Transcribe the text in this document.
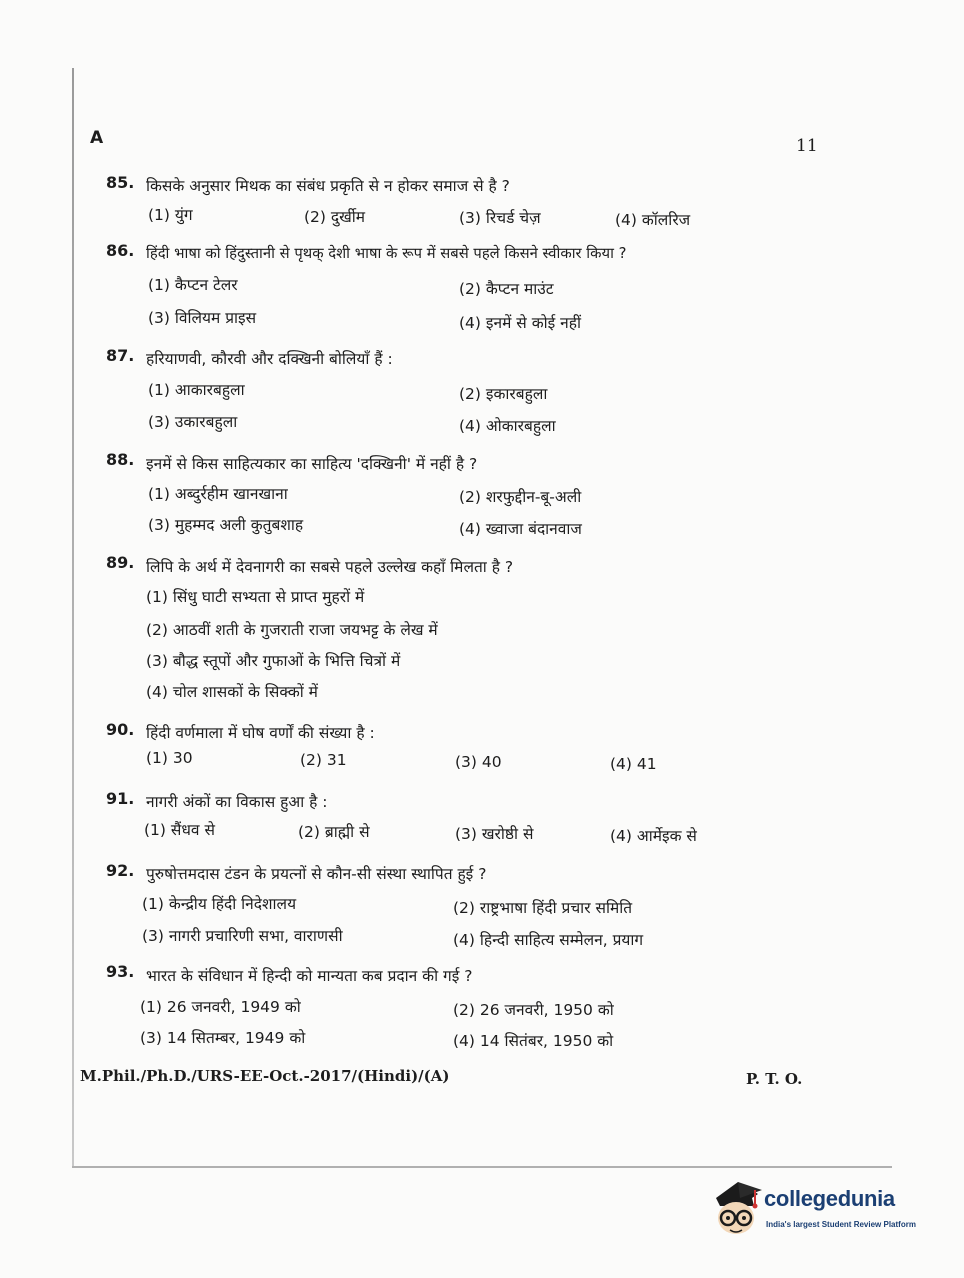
A	11
85. किसके अनुसार मिथक का संबंध प्रकृति से न होकर समाज से है ?
(1) युंग	(2) दुर्खीम	(3) रिचर्ड चेज़	(4) कॉलरिज
86. हिंदी भाषा को हिंदुस्तानी से पृथक् देशी भाषा के रूप में सबसे पहले किसने स्वीकार किया ?
(1) कैप्टन टेलर	(2) कैप्टन माउंट
(3) विलियम प्राइस	(4) इनमें से कोई नहीं
87. हरियाणवी, कौरवी और दक्खिनी बोलियाँ हैं :
(1) आकारबहुला	(2) इकारबहुला
(3) उकारबहुला	(4) ओकारबहुला
88. इनमें से किस साहित्यकार का साहित्य 'दक्खिनी' में नहीं है ?
(1) अब्दुर्रहीम खानखाना	(2) शरफुद्दीन-बू-अली
(3) मुहम्मद अली कुतुबशाह	(4) ख्वाजा बंदानवाज
89. लिपि के अर्थ में देवनागरी का सबसे पहले उल्लेख कहाँ मिलता है ?
(1) सिंधु घाटी सभ्यता से प्राप्त मुहरों में
(2) आठवीं शती के गुजराती राजा जयभट्ट के लेख में
(3) बौद्ध स्तूपों और गुफाओं के भित्ति चित्रों में
(4) चोल शासकों के सिक्कों में
90. हिंदी वर्णमाला में घोष वर्णों की संख्या है :
(1) 30	(2) 31	(3) 40	(4) 41
91. नागरी अंकों का विकास हुआ है :
(1) सैंधव से	(2) ब्राह्मी से	(3) खरोष्ठी से	(4) आर्मेइक से
92. पुरुषोत्तमदास टंडन के प्रयत्नों से कौन-सी संस्था स्थापित हुई ?
(1) केन्द्रीय हिंदी निदेशालय	(2) राष्ट्रभाषा हिंदी प्रचार समिति
(3) नागरी प्रचारिणी सभा, वाराणसी	(4) हिन्दी साहित्य सम्मेलन, प्रयाग
93. भारत के संविधान में हिन्दी को मान्यता कब प्रदान की गई ?
(1) 26 जनवरी, 1949 को	(2) 26 जनवरी, 1950 को
(3) 14 सितम्बर, 1949 को	(4) 14 सितंबर, 1950 को
M.Phil./Ph.D./URS-EE-Oct.-2017/(Hindi)/(A)	P. T. O.
collegedunia
India's largest Student Review Platform
